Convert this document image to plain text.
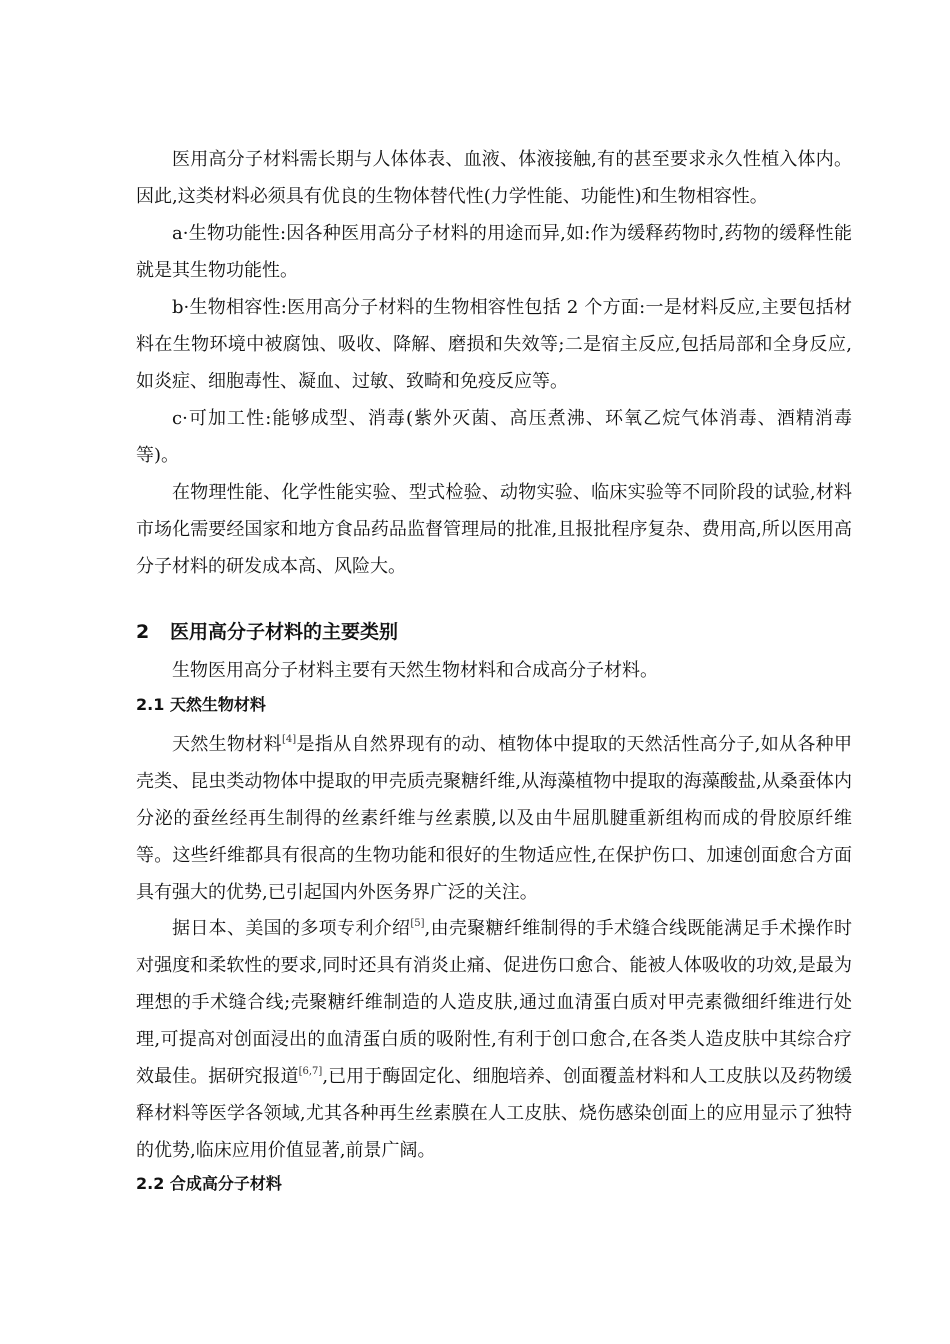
医用高分子材料需长期与人体体表、血液、体液接触,有的甚至要求永久性植入体内。因此,这类材料必须具有优良的生物体替代性(力学性能、功能性)和生物相容性。

a·生物功能性:因各种医用高分子材料的用途而异,如:作为缓释药物时,药物的缓释性能就是其生物功能性。

b·生物相容性:医用高分子材料的生物相容性包括 2 个方面:一是材料反应,主要包括材料在生物环境中被腐蚀、吸收、降解、磨损和失效等;二是宿主反应,包括局部和全身反应,如炎症、细胞毒性、凝血、过敏、致畸和免疫反应等。

c·可加工性:能够成型、消毒(紫外灭菌、高压煮沸、环氧乙烷气体消毒、酒精消毒等)。

在物理性能、化学性能实验、型式检验、动物实验、临床实验等不同阶段的试验,材料市场化需要经国家和地方食品药品监督管理局的批准,且报批程序复杂、费用高,所以医用高分子材料的研发成本高、风险大。

2 医用高分子材料的主要类别

生物医用高分子材料主要有天然生物材料和合成高分子材料。

2.1 天然生物材料

天然生物材料[4]是指从自然界现有的动、植物体中提取的天然活性高分子,如从各种甲壳类、昆虫类动物体中提取的甲壳质壳聚糖纤维,从海藻植物中提取的海藻酸盐,从桑蚕体内分泌的蚕丝经再生制得的丝素纤维与丝素膜,以及由牛屈肌腱重新组构而成的骨胶原纤维等。这些纤维都具有很高的生物功能和很好的生物适应性,在保护伤口、加速创面愈合方面具有强大的优势,已引起国内外医务界广泛的关注。

据日本、美国的多项专利介绍[5],由壳聚糖纤维制得的手术缝合线既能满足手术操作时对强度和柔软性的要求,同时还具有消炎止痛、促进伤口愈合、能被人体吸收的功效,是最为理想的手术缝合线;壳聚糖纤维制造的人造皮肤,通过血清蛋白质对甲壳素微细纤维进行处理,可提高对创面浸出的血清蛋白质的吸附性,有利于创口愈合,在各类人造皮肤中其综合疗效最佳。据研究报道[6,7],已用于酶固定化、细胞培养、创面覆盖材料和人工皮肤以及药物缓释材料等医学各领域,尤其各种再生丝素膜在人工皮肤、烧伤感染创面上的应用显示了独特的优势,临床应用价值显著,前景广阔。

2.2 合成高分子材料
